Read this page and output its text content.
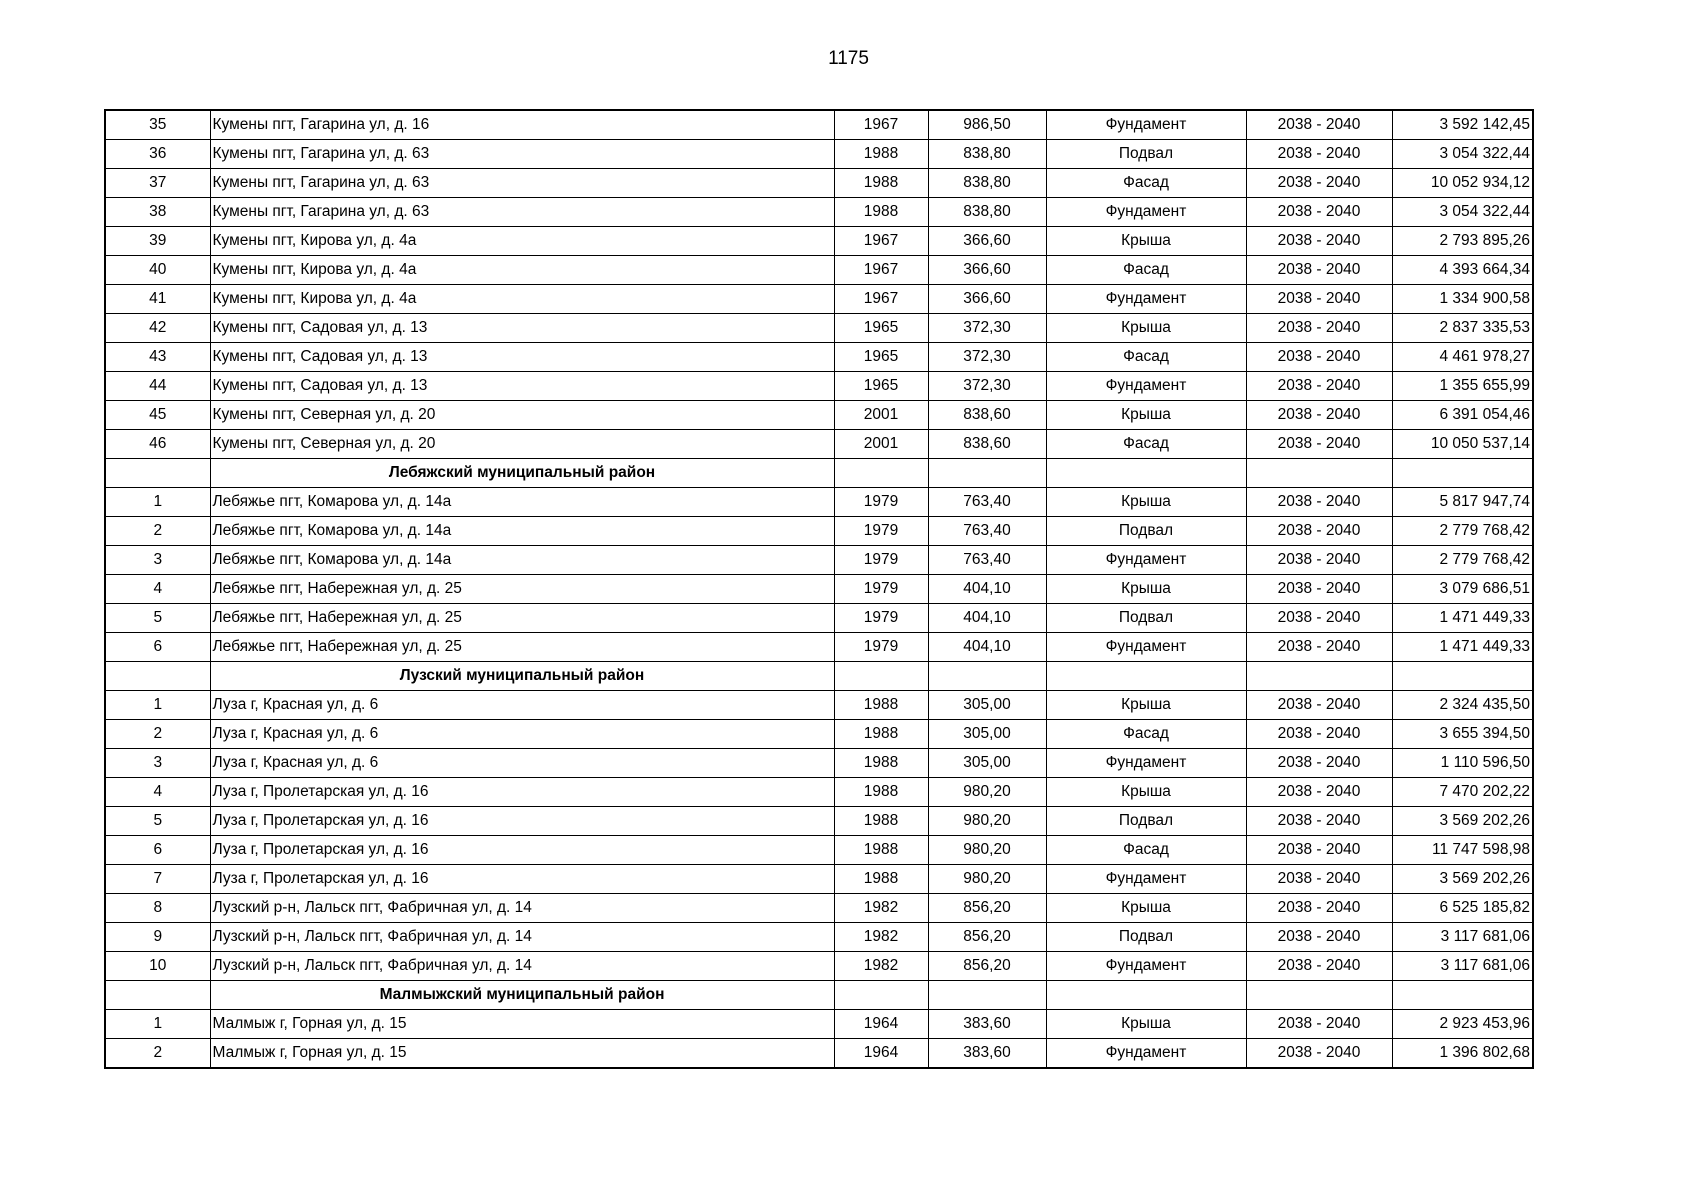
1175
35	Кумены пгт, Гагарина ул, д. 16	1967	986,50	Фундамент	2038 - 2040	3 592 142,45
36	Кумены пгт, Гагарина ул, д. 63	1988	838,80	Подвал	2038 - 2040	3 054 322,44
37	Кумены пгт, Гагарина ул, д. 63	1988	838,80	Фасад	2038 - 2040	10 052 934,12
38	Кумены пгт, Гагарина ул, д. 63	1988	838,80	Фундамент	2038 - 2040	3 054 322,44
39	Кумены пгт, Кирова ул, д. 4а	1967	366,60	Крыша	2038 - 2040	2 793 895,26
40	Кумены пгт, Кирова ул, д. 4а	1967	366,60	Фасад	2038 - 2040	4 393 664,34
41	Кумены пгт, Кирова ул, д. 4а	1967	366,60	Фундамент	2038 - 2040	1 334 900,58
42	Кумены пгт, Садовая ул, д. 13	1965	372,30	Крыша	2038 - 2040	2 837 335,53
43	Кумены пгт, Садовая ул, д. 13	1965	372,30	Фасад	2038 - 2040	4 461 978,27
44	Кумены пгт, Садовая ул, д. 13	1965	372,30	Фундамент	2038 - 2040	1 355 655,99
45	Кумены пгт, Северная ул, д. 20	2001	838,60	Крыша	2038 - 2040	6 391 054,46
46	Кумены пгт, Северная ул, д. 20	2001	838,60	Фасад	2038 - 2040	10 050 537,14
	Лебяжский муниципальный район					
1	Лебяжье пгт, Комарова ул, д. 14а	1979	763,40	Крыша	2038 - 2040	5 817 947,74
2	Лебяжье пгт, Комарова ул, д. 14а	1979	763,40	Подвал	2038 - 2040	2 779 768,42
3	Лебяжье пгт, Комарова ул, д. 14а	1979	763,40	Фундамент	2038 - 2040	2 779 768,42
4	Лебяжье пгт, Набережная ул, д. 25	1979	404,10	Крыша	2038 - 2040	3 079 686,51
5	Лебяжье пгт, Набережная ул, д. 25	1979	404,10	Подвал	2038 - 2040	1 471 449,33
6	Лебяжье пгт, Набережная ул, д. 25	1979	404,10	Фундамент	2038 - 2040	1 471 449,33
	Лузский муниципальный район					
1	Луза г, Красная ул, д. 6	1988	305,00	Крыша	2038 - 2040	2 324 435,50
2	Луза г, Красная ул, д. 6	1988	305,00	Фасад	2038 - 2040	3 655 394,50
3	Луза г, Красная ул, д. 6	1988	305,00	Фундамент	2038 - 2040	1 110 596,50
4	Луза г, Пролетарская ул, д. 16	1988	980,20	Крыша	2038 - 2040	7 470 202,22
5	Луза г, Пролетарская ул, д. 16	1988	980,20	Подвал	2038 - 2040	3 569 202,26
6	Луза г, Пролетарская ул, д. 16	1988	980,20	Фасад	2038 - 2040	11 747 598,98
7	Луза г, Пролетарская ул, д. 16	1988	980,20	Фундамент	2038 - 2040	3 569 202,26
8	Лузский р-н, Лальск пгт, Фабричная ул, д. 14	1982	856,20	Крыша	2038 - 2040	6 525 185,82
9	Лузский р-н, Лальск пгт, Фабричная ул, д. 14	1982	856,20	Подвал	2038 - 2040	3 117 681,06
10	Лузский р-н, Лальск пгт, Фабричная ул, д. 14	1982	856,20	Фундамент	2038 - 2040	3 117 681,06
	Малмыжский муниципальный район					
1	Малмыж г, Горная ул, д. 15	1964	383,60	Крыша	2038 - 2040	2 923 453,96
2	Малмыж г, Горная ул, д. 15	1964	383,60	Фундамент	2038 - 2040	1 396 802,68
